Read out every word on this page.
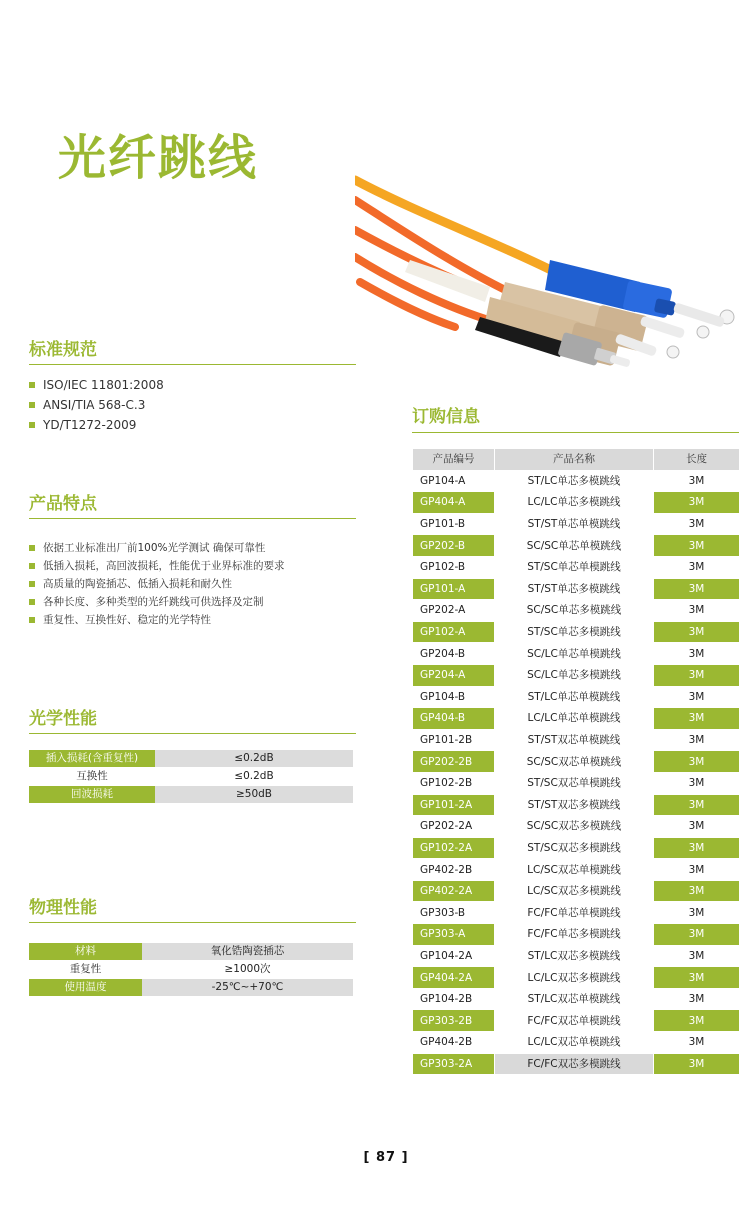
光纤跳线
标准规范
ISO/IEC 11801:2008
ANSI/TIA 568-C.3
YD/T1272-2009
产品特点
依据工业标准出厂前100%光学测试 确保可靠性
低插入损耗，高回波损耗，性能优于业界标准的要求
高质量的陶瓷插芯、低插入损耗和耐久性
各种长度、多种类型的光纤跳线可供选择及定制
重复性、互换性好、稳定的光学特性
光学性能
插入损耗(含重复性)	≤0.2dB
互换性	≤0.2dB
回波损耗	≥50dB
物理性能
材料	氧化锆陶瓷插芯
重复性	≥1000次
使用温度	-25℃~+70℃
订购信息
产品编号	产品名称	长度
GP104-A	ST/LC单芯多模跳线	3M
GP404-A	LC/LC单芯多模跳线	3M
GP101-B	ST/ST单芯单模跳线	3M
GP202-B	SC/SC单芯单模跳线	3M
GP102-B	ST/SC单芯单模跳线	3M
GP101-A	ST/ST单芯多模跳线	3M
GP202-A	SC/SC单芯多模跳线	3M
GP102-A	ST/SC单芯多模跳线	3M
GP204-B	SC/LC单芯单模跳线	3M
GP204-A	SC/LC单芯多模跳线	3M
GP104-B	ST/LC单芯单模跳线	3M
GP404-B	LC/LC单芯单模跳线	3M
GP101-2B	ST/ST双芯单模跳线	3M
GP202-2B	SC/SC双芯单模跳线	3M
GP102-2B	ST/SC双芯单模跳线	3M
GP101-2A	ST/ST双芯多模跳线	3M
GP202-2A	SC/SC双芯多模跳线	3M
GP102-2A	ST/SC双芯多模跳线	3M
GP402-2B	LC/SC双芯单模跳线	3M
GP402-2A	LC/SC双芯多模跳线	3M
GP303-B	FC/FC单芯单模跳线	3M
GP303-A	FC/FC单芯多模跳线	3M
GP104-2A	ST/LC双芯多模跳线	3M
GP404-2A	LC/LC双芯多模跳线	3M
GP104-2B	ST/LC双芯单模跳线	3M
GP303-2B	FC/FC双芯单模跳线	3M
GP404-2B	LC/LC双芯单模跳线	3M
GP303-2A	FC/FC双芯多模跳线	3M
[ 87 ]
